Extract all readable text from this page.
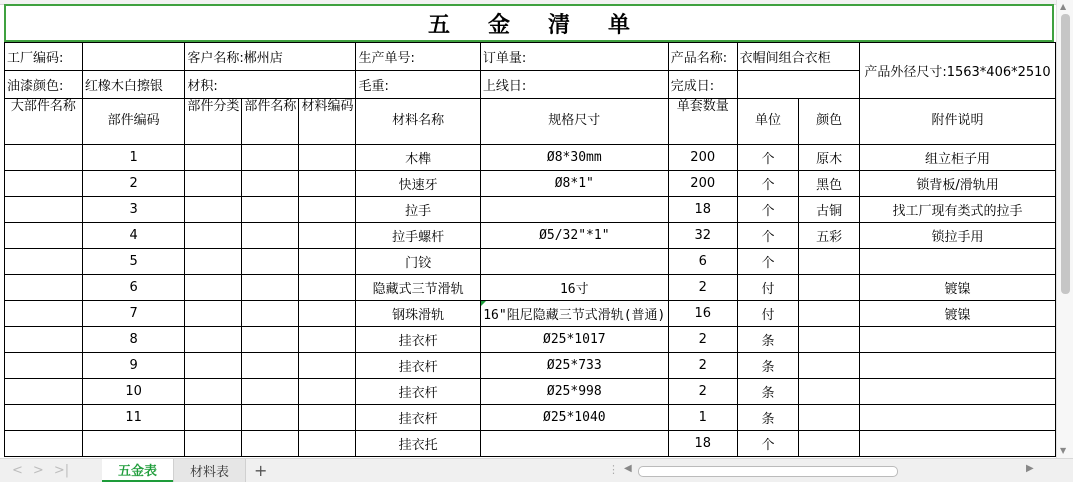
五金清单
工厂编码:		客户名称:郴州店			生产单号:	订单量:	产品名称:	衣帽间组合衣柜		产品外径尺寸:1563*406*2510
油漆颜色:	红橡木白擦银	材积:			毛重:	上线日:	完成日:			
大部件名称	部件编码	部件分类	部件名称	材料编码	材料名称	规格尺寸	单套数量	单位	颜色	附件说明
	1				木榫	Ø8*30mm	200	个	原木	组立柜子用
	2				快速牙	Ø8*1"	200	个	黑色	锁背板/滑轨用
	3				拉手		18	个	古铜	找工厂现有类式的拉手
	4				拉手螺杆	Ø5/32"*1"	32	个	五彩	锁拉手用
	5				门铰		6	个		
	6				隐藏式三节滑轨	16寸	2	付		镀镍
	7				钢珠滑轨	16"阻尼隐藏三节式滑轨(普通)	16	付		镀镍
	8				挂衣杆	Ø25*1017	2	条		
	9				挂衣杆	Ø25*733	2	条		
	10				挂衣杆	Ø25*998	2	条		
	11				挂衣杆	Ø25*1040	1	条		
					挂衣托		18	个		
▲
▼
< > >|	五金表	材料表	+	⋮ ◀	▶
